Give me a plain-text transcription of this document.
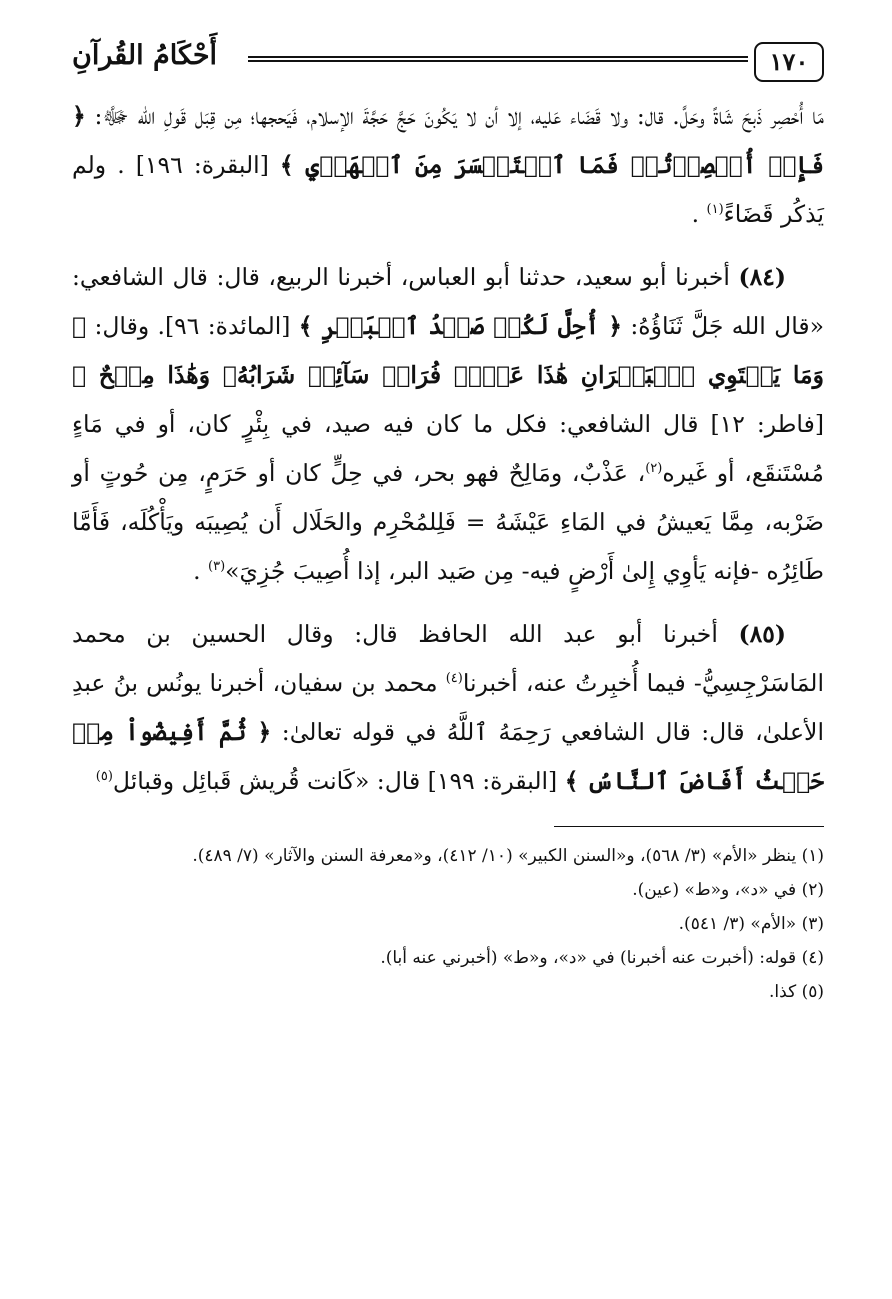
١٧٠
أَحْكَامُ القُرآنِ

مَا أُحْصِر ذَبحَ شَاةً وحَلَّ. قال: ولا قَضَاء عَليه، إلا أن لا يَكُونَ حَجَّ حَجَّةَ الإسلام، فَيَحجها؛ مِن قِبَل قَولِ الله ﷻ: ﴿ فَإِنۡ أُحۡصِرۡتُمۡ فَمَا ٱسۡتَيۡسَرَ مِنَ ٱلۡهَدۡيِ ﴾ [البقرة: ١٩٦] . ولم يَذكُر قَضَاءً$^{(١)}$ .

(٨٤) أخبرنا أبو سعيد، حدثنا أبو العباس، أخبرنا الربيع، قال: قال الشافعي: «قال الله جَلَّ ثَنَاؤُهُ: ﴿ أُحِلَّ لَكُمۡ صَيۡدُ ٱلۡبَحۡرِ ﴾ [المائدة: ٩٦]. وقال: ﴿ وَمَا يَسۡتَوِي ٱلۡبَحۡرَانِ هَٰذَا عَذۡبٞ فُرَاتٞ سَآئِغٞ شَرَابُهُۥ وَهَٰذَا مِلۡحٌ ﴾ [فاطر: ١٢] قال الشافعي: فكل ما كان فيه صيد، في بِئْرٍ كان، أو في مَاءٍ مُسْتَنقَع، أو غَيره$^{(٢)}$، عَذْبٌ، ومَالِحٌ فهو بحر، في حِلٍّ كان أو حَرَمٍ، مِن حُوتٍ أو ضَرْبه، مِمَّا يَعيشُ في المَاءِ عَيْشَهُ = فَلِلمُحْرِم والحَلَال أَن يُصِيبَه ويَأْكُلَه، فَأَمَّا طَائِرُه -فإنه يَأوِي إِلىٰ أَرْضٍ فيه- مِن صَيد البر، إذا أُصِيبَ جُزِيَ»$^{(٣)}$ .

(٨٥) أخبرنا أبو عبد الله الحافظ قال: وقال الحسين بن محمد المَاسَرْجِسِيُّ- فيما أُخبِرتُ عنه، أخبرنا$^{(٤)}$ محمد بن سفيان، أخبرنا يونُس بنُ عبدِ الأعلىٰ، قال: قال الشافعي رَحِمَهُ ٱللَّهُ في قوله تعالىٰ: ﴿ ثُمَّ أَفِيضُواْ مِنۡ حَيۡثُ أَفَاضَ ٱلنَّاسُ ﴾ [البقرة: ١٩٩] قال: «كَانت قُريش قَبائِل وقبائل$^{(٥)}$

(١) ينظر «الأم» (٣/ ٥٦٨)، و«السنن الكبير» (١٠/ ٤١٢)، و«معرفة السنن والآثار» (٧/ ٤٨٩).

(٢) في «د»، و«ط» (عين).

(٣) «الأم» (٣/ ٥٤١).

(٤) قوله: (أخبرت عنه أخبرنا) في «د»، و«ط» (أخبرني عنه أبا).

(٥) كذا.
